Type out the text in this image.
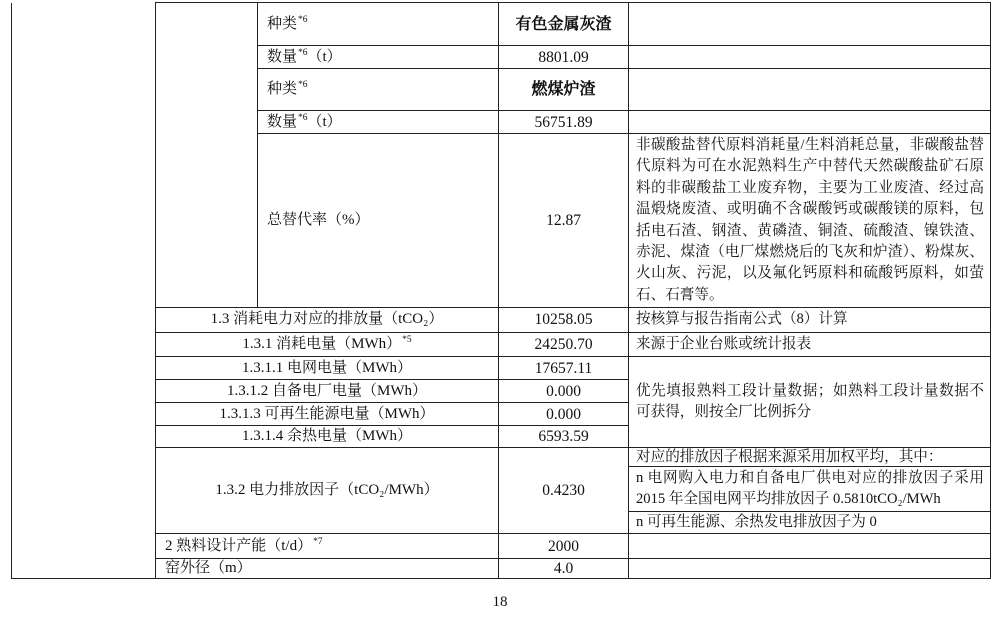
		种类$^{*6}$	有色金属灰渣	
		数量$^{*6}$（t）	8801.09	
		种类$^{*6}$	燃煤炉渣	
		数量$^{*6}$（t）	56751.89	
		总替代率（%）	12.87	非碳酸盐替代原料消耗量/生料消耗总量，非碳酸盐替代原料为可在水泥熟料生产中替代天然碳酸盐矿石原料的非碳酸盐工业废弃物，主要为工业废渣、经过高温煅烧废渣、或明确不含碳酸钙或碳酸镁的原料，包括电石渣、钢渣、黄磷渣、铜渣、硫酸渣、镍铁渣、赤泥、煤渣（电厂煤燃烧后的飞灰和炉渣）、粉煤灰、火山灰、污泥，以及氟化钙原料和硫酸钙原料，如萤石、石膏等。
	1.3 消耗电力对应的排放量（tCO₂）		10258.05	按核算与报告指南公式（8）计算
	1.3.1 消耗电量（MWh）$^{*5}$		24250.70	来源于企业台账或统计报表
	1.3.1.1 电网电量（MWh）		17657.11	优先填报熟料工段计量数据；如熟料工段计量数据不可获得，则按全厂比例拆分
	1.3.1.2 自备电厂电量（MWh）		0.000	
	1.3.1.3 可再生能源电量（MWh）		0.000	
	1.3.1.4 余热电量（MWh）		6593.59	
	1.3.2 电力排放因子（tCO₂/MWh）		0.4230	对应的排放因子根据来源采用加权平均，其中：
				n 电网购入电力和自备电厂供电对应的排放因子采用2015 年全国电网平均排放因子 0.5810tCO₂/MWh
				n 可再生能源、余热发电排放因子为 0
	2 熟料设计产能$(t/d)^{*7}$		2000	
	窑外径（m）		4.0	
18
